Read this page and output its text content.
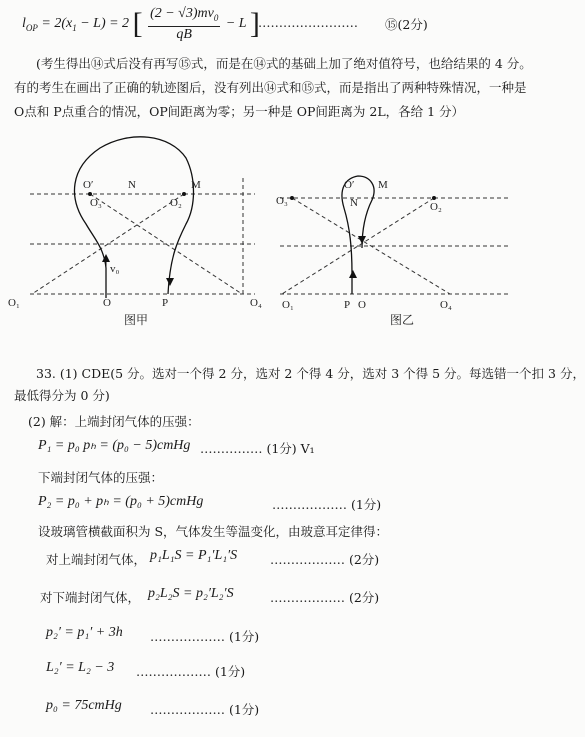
$l_{OP} = 2(x_1 - L) = 2$ [ $\frac{(2 - √3)mv_0}{qB} - L$ ]
…………………… ⑮(2分)
(考生得出⑭式后没有再写⑮式，而是在⑭式的基础上加了绝对值符号，也给结果的 4 分。
有的考生在画出了正确的轨迹图后，没有列出⑭式和⑮式，而是指出了两种特殊情况，一种是
O点和 P点重合的情况，OP间距离为零；另一种是 OP间距离为 2L，各给 1 分）
O′	N	M
O₃	O₂
v₀
O₁	O	P	O₄
图甲
O′ M
O₃	N	O₂
O₁	P O	O₄
图乙
33. (1) CDE(5 分。选对一个得 2 分，选对 2 个得 4 分，选对 3 个得 5 分。每选错一个扣 3 分，
最低得分为 0 分)
(2) 解：上端封闭气体的压强：
P₁ = p₀ pₕ = (p₀ − 5)cmHg …………… (1分) V₁
下端封闭气体的压强：
P₂ = p₀ + pₕ = (p₀ + 5)cmHg	……………… (1分)
设玻璃管横截面积为 S，气体发生等温变化，由玻意耳定律得：
对上端封闭气体， p₁L₁S = P₁′L₁′S	……………… (2分)
对下端封闭气体， p₂L₂S = p₂′L₂′S	……………… (2分)
p₂′ = p₁′ + 3h ……………… (1分)
L₂′ = L₂ − 3 ……………… (1分)
p₀ = 75cmHg ……………… (1分)
